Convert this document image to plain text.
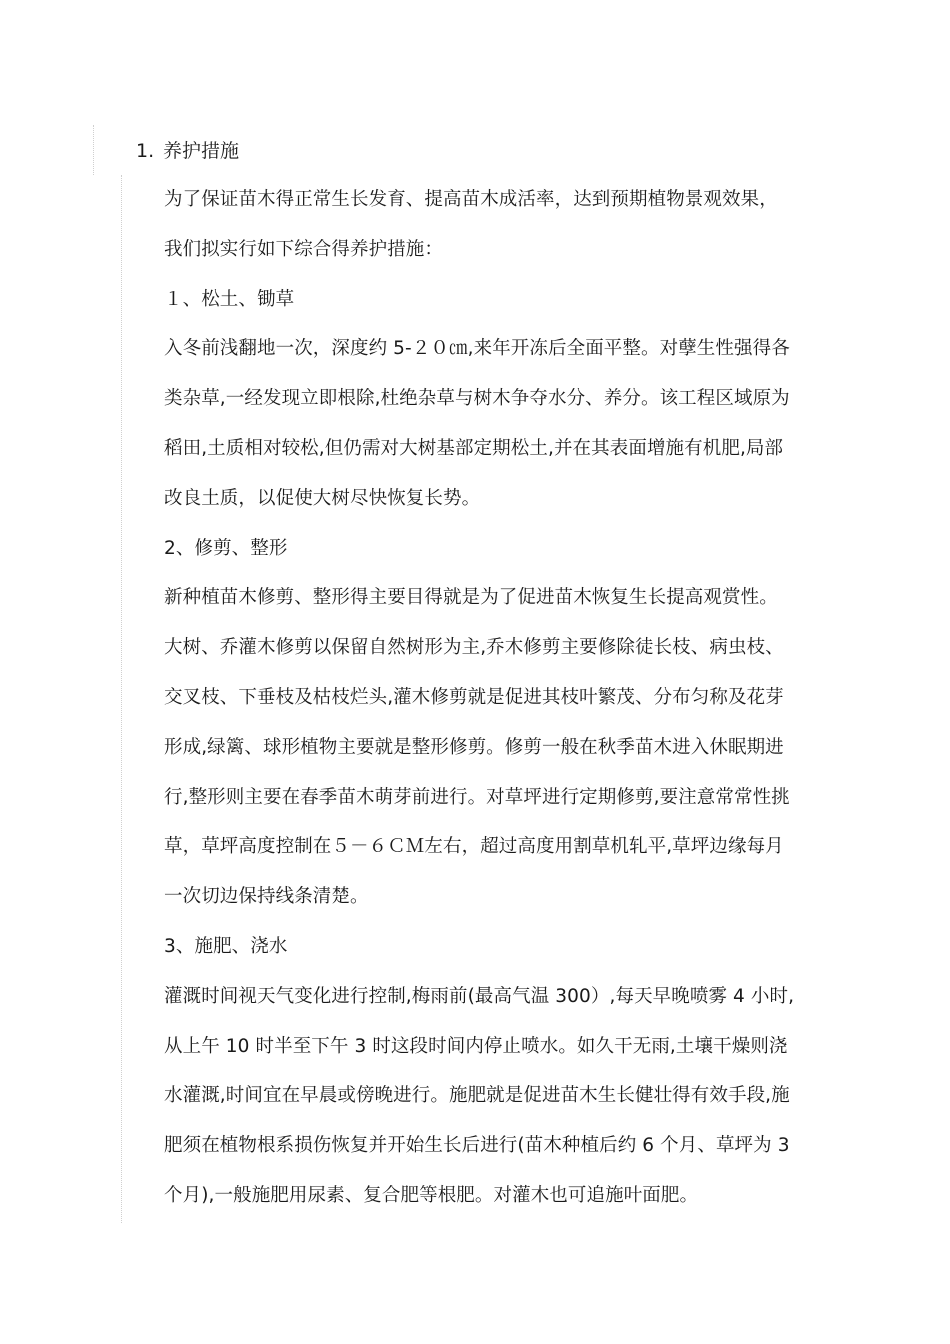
1. 养护措施
为了保证苗木得正常生长发育、提高苗木成活率，达到预期植物景观效果，
我们拟实行如下综合得养护措施：
１、松土、锄草
入冬前浅翻地一次，深度约 5-２０㎝,来年开冻后全面平整。对孽生性强得各
类杂草,一经发现立即根除,杜绝杂草与树木争夺水分、养分。该工程区域原为
稻田,土质相对较松,但仍需对大树基部定期松土,并在其表面增施有机肥,局部
改良土质，以促使大树尽快恢复长势。
2、修剪、整形
新种植苗木修剪、整形得主要目得就是为了促进苗木恢复生长提高观赏性。
大树、乔灌木修剪以保留自然树形为主,乔木修剪主要修除徒长枝、病虫枝、
交叉枝、下垂枝及枯枝烂头,灌木修剪就是促进其枝叶繁茂、分布匀称及花芽
形成,绿篱、球形植物主要就是整形修剪。修剪一般在秋季苗木进入休眠期进
行,整形则主要在春季苗木萌芽前进行。对草坪进行定期修剪,要注意常常性挑
草，草坪高度控制在５－６ＣＭ左右，超过高度用割草机轧平,草坪边缘每月
一次切边保持线条清楚。
3、施肥、浇水
灌溉时间视天气变化进行控制,梅雨前(最高气温 300）,每天早晚喷雾 4 小时,
从上午 10 时半至下午 3 时这段时间内停止喷水。如久干无雨,土壤干燥则浇
水灌溉,时间宜在早晨或傍晚进行。施肥就是促进苗木生长健壮得有效手段,施
肥须在植物根系损伤恢复并开始生长后进行(苗木种植后约 6 个月、草坪为 3
个月),一般施肥用尿素、复合肥等根肥。对灌木也可追施叶面肥。
